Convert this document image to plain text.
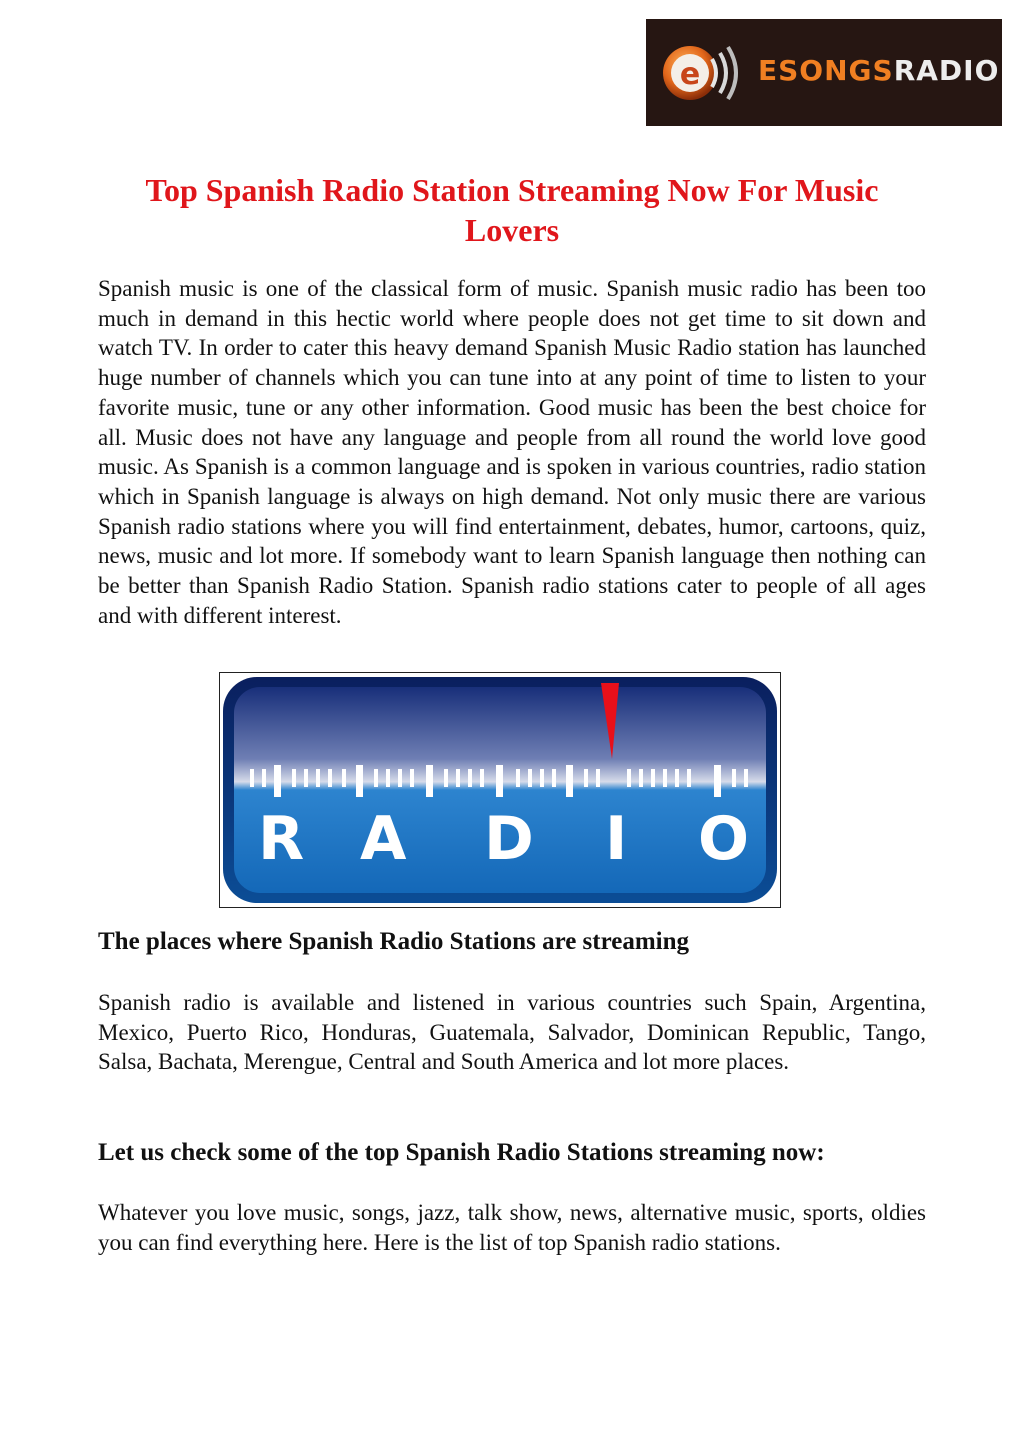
e ESONGSRADIO
Top Spanish Radio Station Streaming Now For Music Lovers

Spanish music is one of the classical form of music. Spanish music radio has been too much in demand in this hectic world where people does not get time to sit down and watch TV. In order to cater this heavy demand Spanish Music Radio station has launched huge number of channels which you can tune into at any point of time to listen to your favorite music, tune or any other information. Good music has been the best choice for all. Music does not have any language and people from all round the world love good music. As Spanish is a common language and is spoken in various countries, radio station which in Spanish language is always on high demand. Not only music there are various Spanish radio stations where you will find entertainment, debates, humor, cartoons, quiz, news, music and lot more. If somebody want to learn Spanish language then nothing can be better than Spanish Radio Station. Spanish radio stations cater to people of all ages and with different interest.

R A D I O
The places where Spanish Radio Stations are streaming

Spanish radio is available and listened in various countries such Spain, Argentina, Mexico, Puerto Rico, Honduras, Guatemala, Salvador, Dominican Republic, Tango, Salsa, Bachata, Merengue, Central and South America and lot more places.

Let us check some of the top Spanish Radio Stations streaming now:

Whatever you love music, songs, jazz, talk show, news, alternative music, sports, oldies you can find everything here. Here is the list of top Spanish radio stations.
